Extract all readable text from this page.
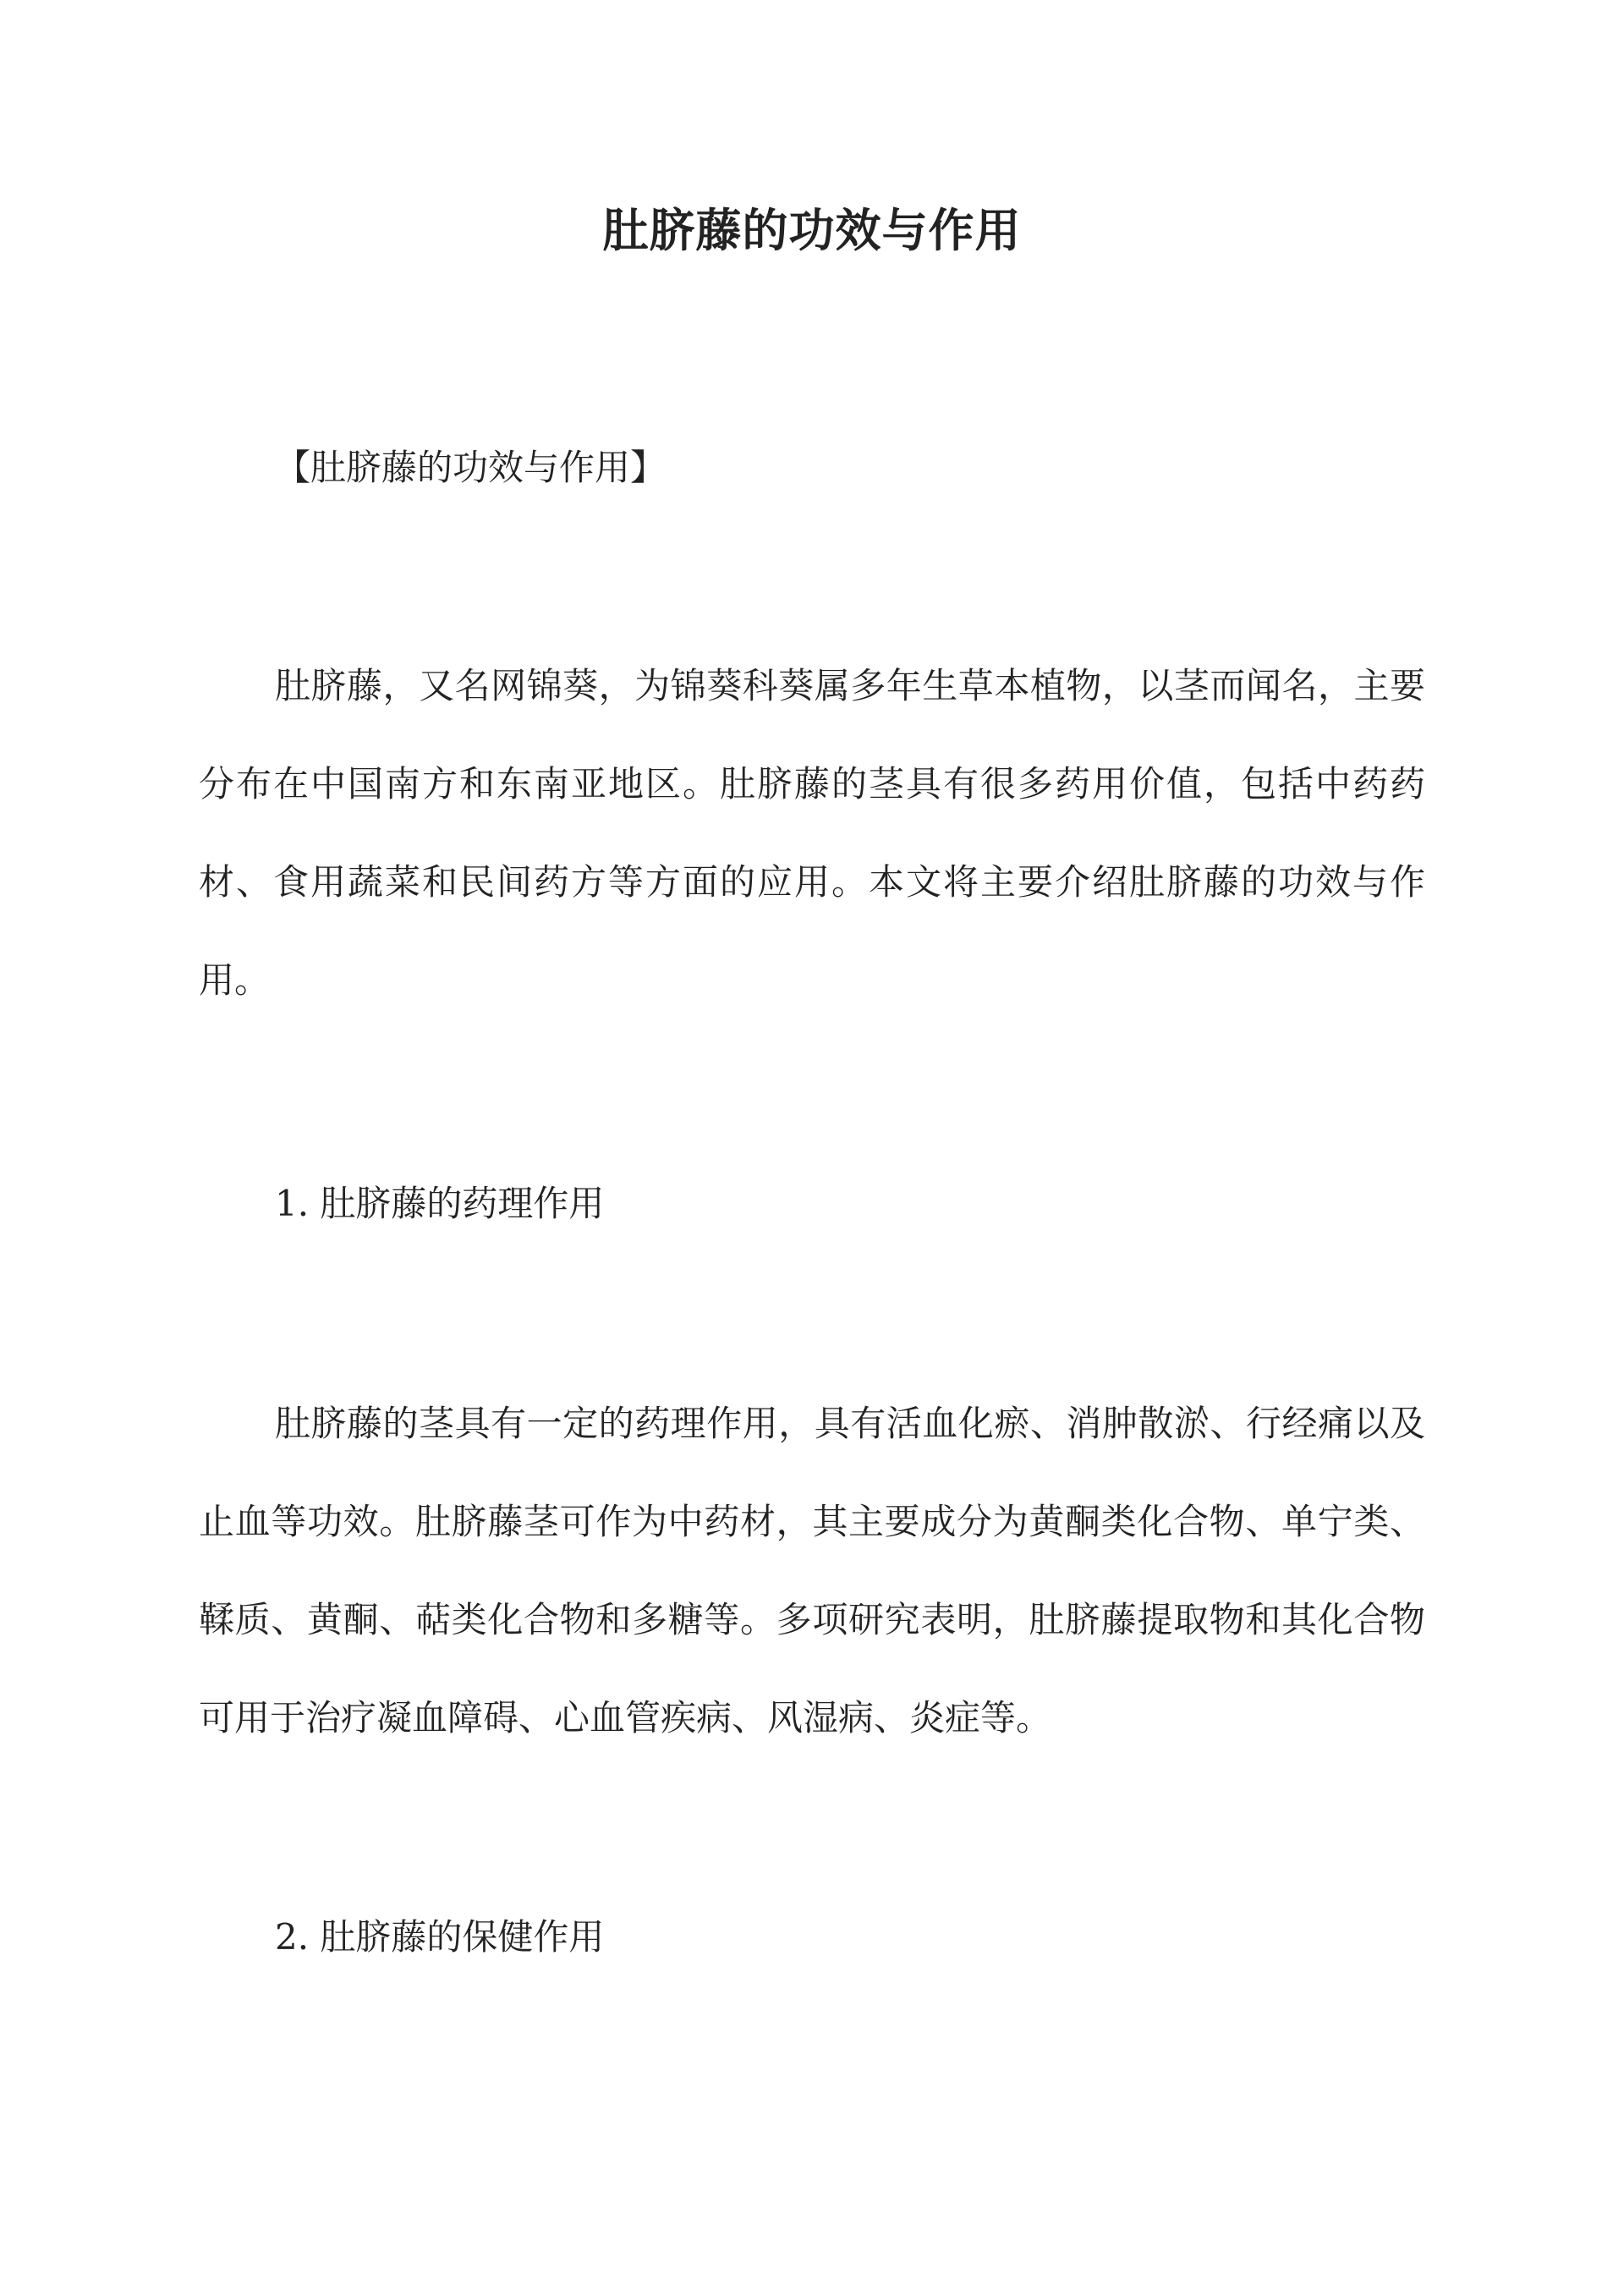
肚脐藤的功效与作用

【肚脐藤的功效与作用】

肚脐藤，又名网锦葵，为锦葵科葵属多年生草本植物，以茎而闻名，主要分布在中国南方和东南亚地区。肚脐藤的茎具有很多药用价值，包括中药药材、食用蔬菜和民间药方等方面的应用。本文将主要介绍肚脐藤的功效与作用。

1. 肚脐藤的药理作用

肚脐藤的茎具有一定的药理作用，具有活血化瘀、消肿散淤、行经痛以及止血等功效。肚脐藤茎可作为中药材，其主要成分为黄酮类化合物、单宁类、鞣质、黄酮、萜类化合物和多糖等。多项研究表明，肚脐藤提取物和其化合物可用于治疗凝血障碍、心血管疾病、风湿病、炎症等。

2. 肚脐藤的保健作用
